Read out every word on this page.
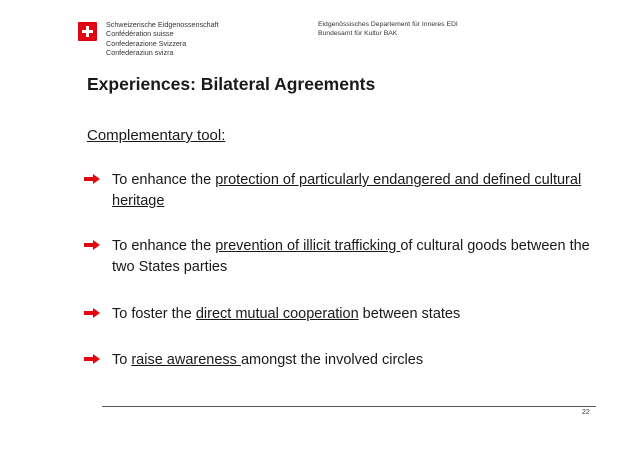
Schweizerische Eidgenossenschaft
Confédération suisse
Confederazione Svizzera
Confederaziun svizra
Eidgenössisches Departement für Inneres EDI
Bundesamt für Kultur BAK
Experiences: Bilateral Agreements
Complementary tool:
To enhance the protection of particularly endangered and defined cultural heritage
To enhance the prevention of illicit trafficking of cultural goods between the two States parties
To foster the direct mutual cooperation between states
To raise awareness amongst the involved circles
22
